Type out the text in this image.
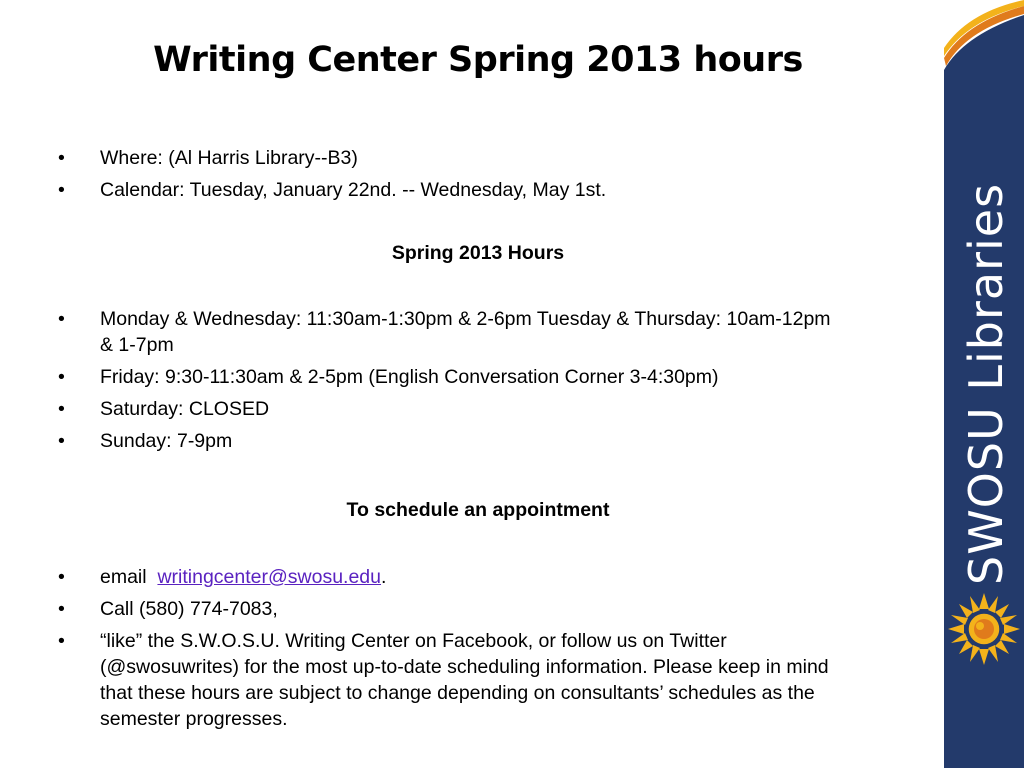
Writing Center Spring 2013 hours
• Where: (Al Harris Library--B3)
• Calendar: Tuesday, January 22nd. -- Wednesday, May 1st.

Spring 2013 Hours

• Monday & Wednesday: 11:30am-1:30pm & 2-6pm Tuesday & Thursday: 10am-12pm & 1-7pm
• Friday: 9:30-11:30am & 2-5pm (English Conversation Corner 3-4:30pm)
• Saturday: CLOSED
• Sunday: 7-9pm

To schedule an appointment

• email  writingcenter@swosu.edu.
• Call (580) 774-7083,
• “like” the S.W.O.S.U. Writing Center on Facebook, or follow us on Twitter (@swosuwrites) for the most up-to-date scheduling information. Please keep in mind that these hours are subject to change depending on consultants’ schedules as the semester progresses.
SWOSU Libraries
